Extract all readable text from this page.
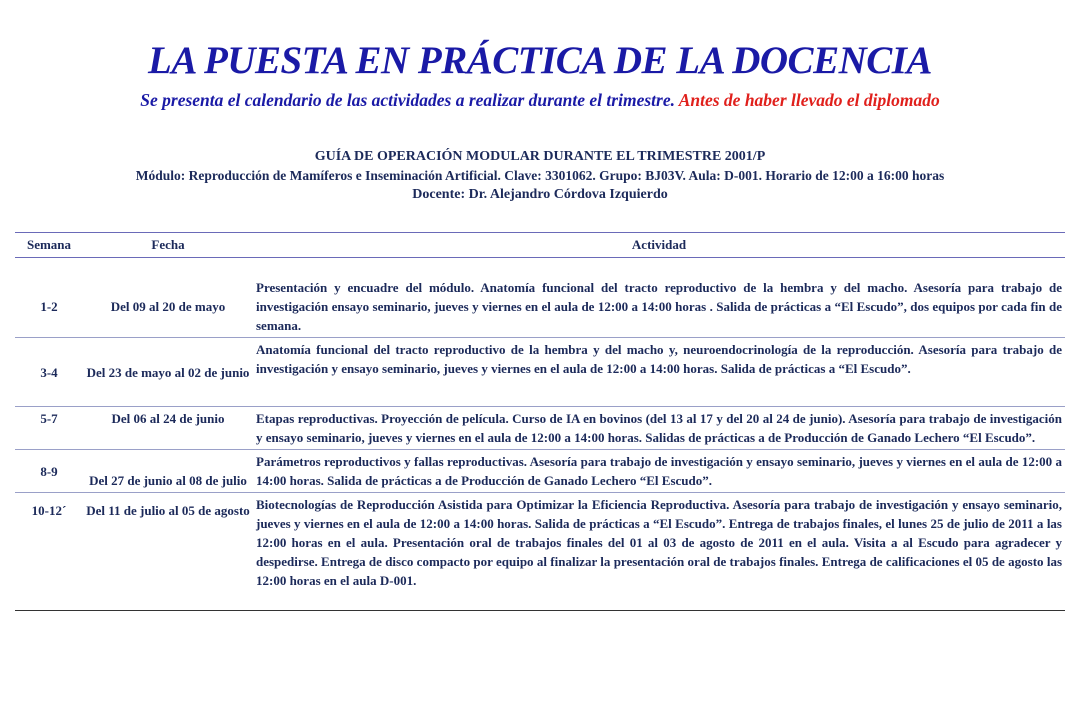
LA PUESTA EN PRÁCTICA DE LA DOCENCIA
Se presenta el calendario de las actividades a realizar durante el trimestre. Antes de haber llevado el diplomado
GUÍA DE OPERACIÓN MODULAR DURANTE EL TRIMESTRE 2001/P
Módulo: Reproducción de Mamíferos e Inseminación Artificial. Clave: 3301062. Grupo: BJ03V. Aula: D-001. Horario de 12:00 a 16:00 horas
Docente: Dr. Alejandro Córdova Izquierdo
Semana	Fecha	Actividad

1-2	Del 09 al 20 de mayo	Presentación y encuadre del módulo. Anatomía funcional del tracto reproductivo de la hembra y del macho. Asesoría para trabajo de investigación ensayo seminario, jueves y viernes en el aula de 12:00 a 14:00 horas . Salida de prácticas a “El Escudo”, dos equipos por cada fin de semana.
3-4	Del 23 de mayo al 02 de junio	Anatomía funcional del tracto reproductivo de la hembra y del macho y, neuroendocrinología de la reproducción. Asesoría para trabajo de investigación y ensayo seminario, jueves y viernes en el aula de 12:00 a 14:00 horas. Salida de prácticas a “El Escudo”.
5-7	Del 06 al 24 de junio	Etapas reproductivas. Proyección de película. Curso de IA en bovinos (del 13 al 17 y del 20 al 24 de junio). Asesoría para trabajo de investigación y ensayo seminario, jueves y viernes en el aula de 12:00 a 14:00 horas. Salidas de prácticas a de Producción de Ganado Lechero “El Escudo”.
8-9	Del 27 de junio al 08 de julio	Parámetros reproductivos y fallas reproductivas. Asesoría para trabajo de investigación y ensayo seminario, jueves y viernes en el aula de 12:00 a 14:00 horas. Salida de prácticas a de Producción de Ganado Lechero “El Escudo”.
10-12´	Del 11 de julio al 05 de agosto	Biotecnologías de Reproducción Asistida para Optimizar la Eficiencia Reproductiva. Asesoría para trabajo de investigación y ensayo seminario, jueves y viernes en el aula de 12:00 a 14:00 horas. Salida de prácticas a “El Escudo”. Entrega de trabajos finales, el lunes 25 de julio de 2011 a las 12:00 horas en el aula. Presentación oral de trabajos finales del 01 al 03 de agosto de 2011 en el aula. Visita a al Escudo para agradecer y despedirse. Entrega de disco compacto por equipo al finalizar la presentación oral de trabajos finales. Entrega de calificaciones el 05 de agosto las 12:00 horas en el aula D-001.
